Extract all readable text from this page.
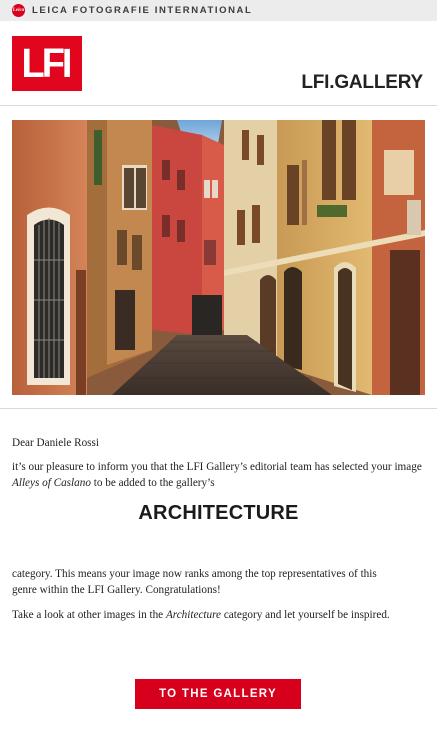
Leica LEICA FOTOGRAFIE INTERNATIONAL
LFI	LFI.GALLERY
Dear Daniele Rossi
it’s our pleasure to inform you that the LFI Gallery’s editorial team has selected your image Alleys of Caslano to be added to the gallery’s
ARCHITECTURE
category. This means your image now ranks among the top representatives of this genre within the LFI Gallery. Congratulations!
Take a look at other images in the Architecture category and let yourself be inspired.
TO THE GALLERY
